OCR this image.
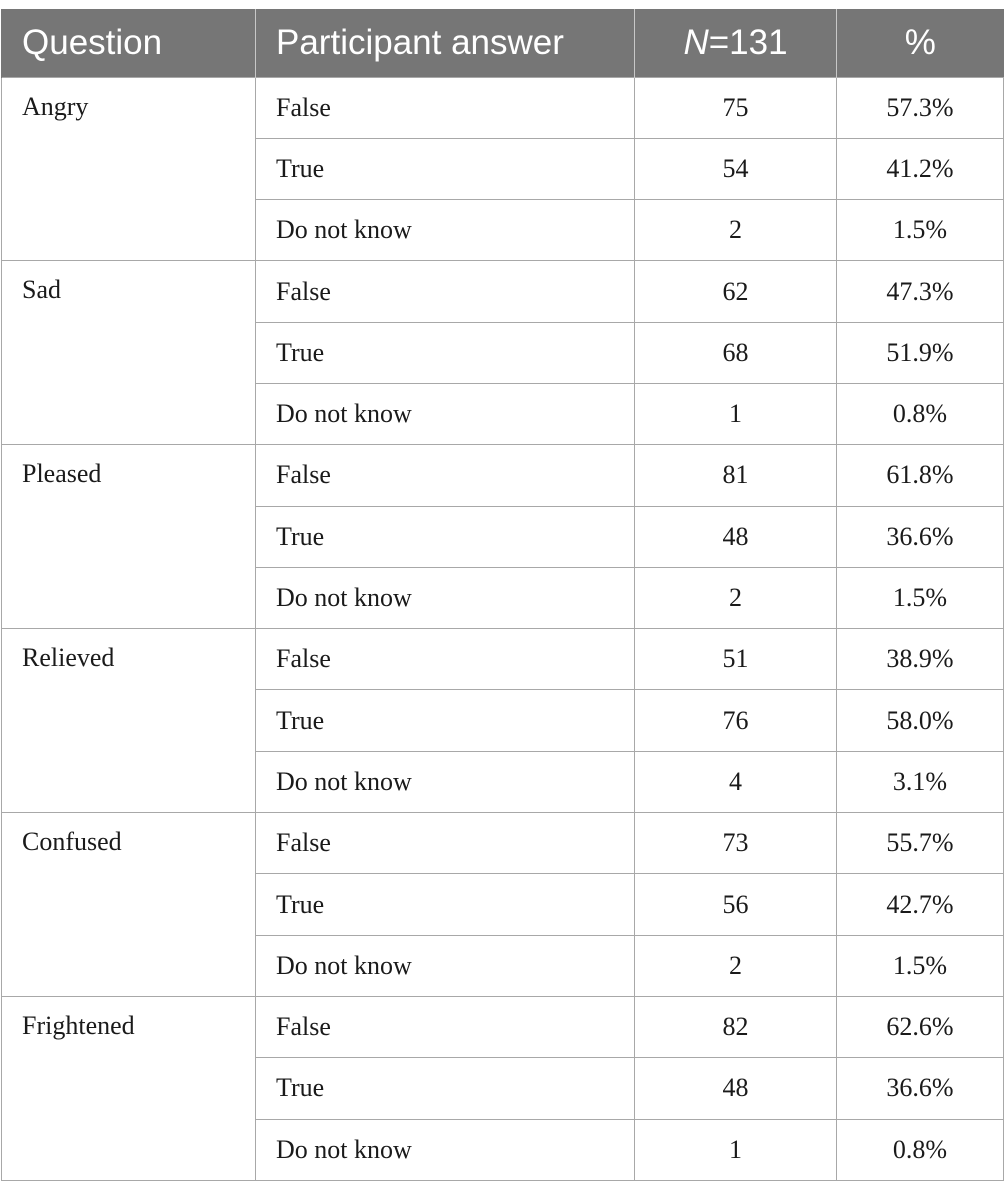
Question	Participant answer	N=131	%
Angry	False	75	57.3%
	True	54	41.2%
	Do not know	2	1.5%
Sad	False	62	47.3%
	True	68	51.9%
	Do not know	1	0.8%
Pleased	False	81	61.8%
	True	48	36.6%
	Do not know	2	1.5%
Relieved	False	51	38.9%
	True	76	58.0%
	Do not know	4	3.1%
Confused	False	73	55.7%
	True	56	42.7%
	Do not know	2	1.5%
Frightened	False	82	62.6%
	True	48	36.6%
	Do not know	1	0.8%
